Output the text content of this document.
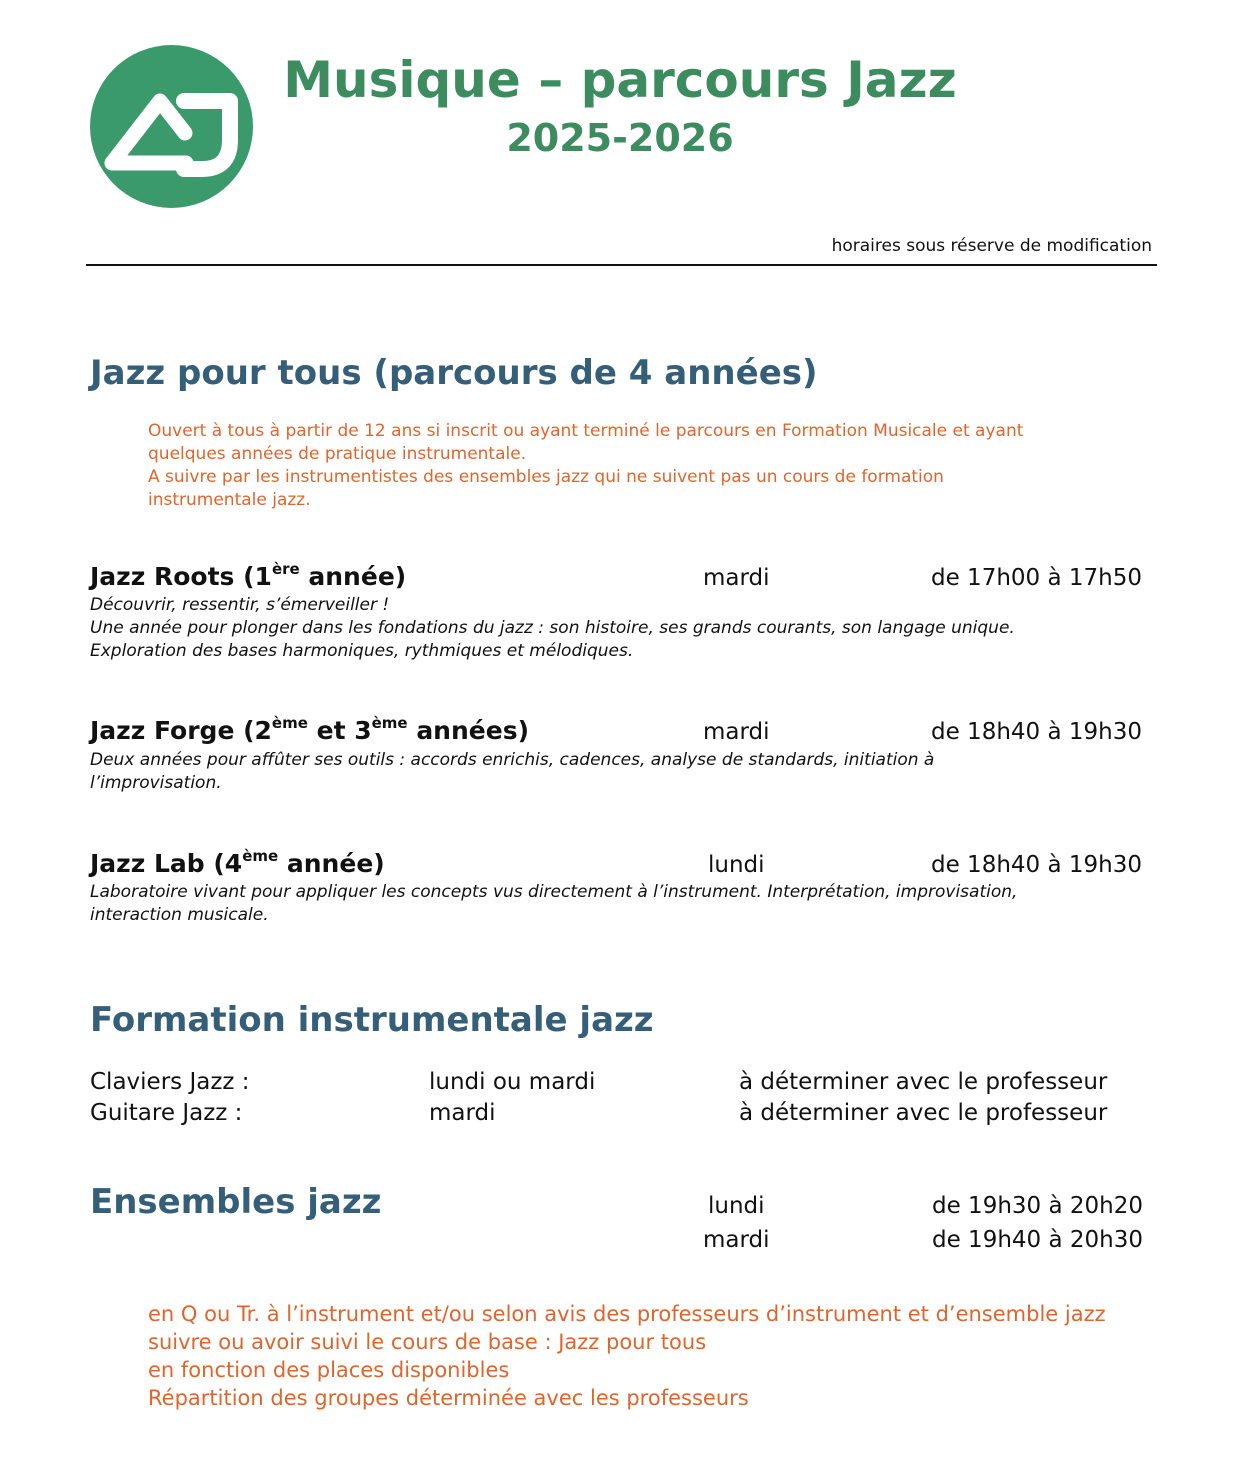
Musique – parcours Jazz
2025-2026
horaires sous réserve de modification
Jazz pour tous (parcours de 4 années)
Ouvert à tous à partir de 12 ans si inscrit ou ayant terminé le parcours en Formation Musicale et ayant
quelques années de pratique instrumentale.
A suivre par les instrumentistes des ensembles jazz qui ne suivent pas un cours de formation
instrumentale jazz.
Jazz Roots (1ère année)	mardi	de 17h00 à 17h50
Découvrir, ressentir, s’émerveiller !
Une année pour plonger dans les fondations du jazz : son histoire, ses grands courants, son langage unique.
Exploration des bases harmoniques, rythmiques et mélodiques.
Jazz Forge (2ème et 3ème années)	mardi	de 18h40 à 19h30
Deux années pour affûter ses outils : accords enrichis, cadences, analyse de standards, initiation à
l’improvisation.
Jazz Lab (4ème année)	lundi	de 18h40 à 19h30
Laboratoire vivant pour appliquer les concepts vus directement à l’instrument. Interprétation, improvisation,
interaction musicale.
Formation instrumentale jazz
Claviers Jazz :	lundi ou mardi	à déterminer avec le professeur
Guitare Jazz :	mardi	à déterminer avec le professeur
Ensembles jazz	lundi	de 19h30 à 20h20
mardi	de 19h40 à 20h30
en Q ou Tr. à l’instrument et/ou selon avis des professeurs d’instrument et d’ensemble jazz
suivre ou avoir suivi le cours de base : Jazz pour tous
en fonction des places disponibles
Répartition des groupes déterminée avec les professeurs
